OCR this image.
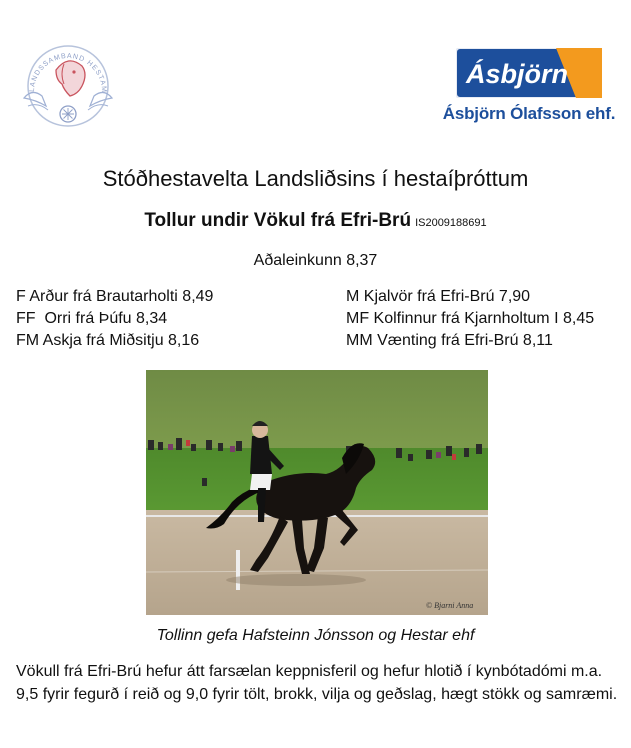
LANDSSAMBAND HESTAM
Ásbjörn
Ásbjörn Ólafsson ehf.
Stóðhestavelta Landsliðsins í hestaíþróttum
Tollur undir Vökul frá Efri-Brú IS2009188691
Aðaleinkunn 8,37
F Arður frá Brautarholti 8,49
FF  Orri frá Þúfu 8,34
FM Askja frá Miðsitju 8,16
M Kjalvör frá Efri-Brú 7,90
MF Kolfinnur frá Kjarnholtum I 8,45
MM Vænting frá Efri-Brú 8,11
© Bjarni Anna
Tollinn gefa Hafsteinn Jónsson og Hestar ehf
Vökull frá Efri-Brú hefur átt farsælan keppnisferil og hefur hlotið í kynbótadómi m.a. 9,5 fyrir fegurð í reið og 9,0 fyrir tölt, brokk, vilja og geðslag, hægt stökk og samræmi.
